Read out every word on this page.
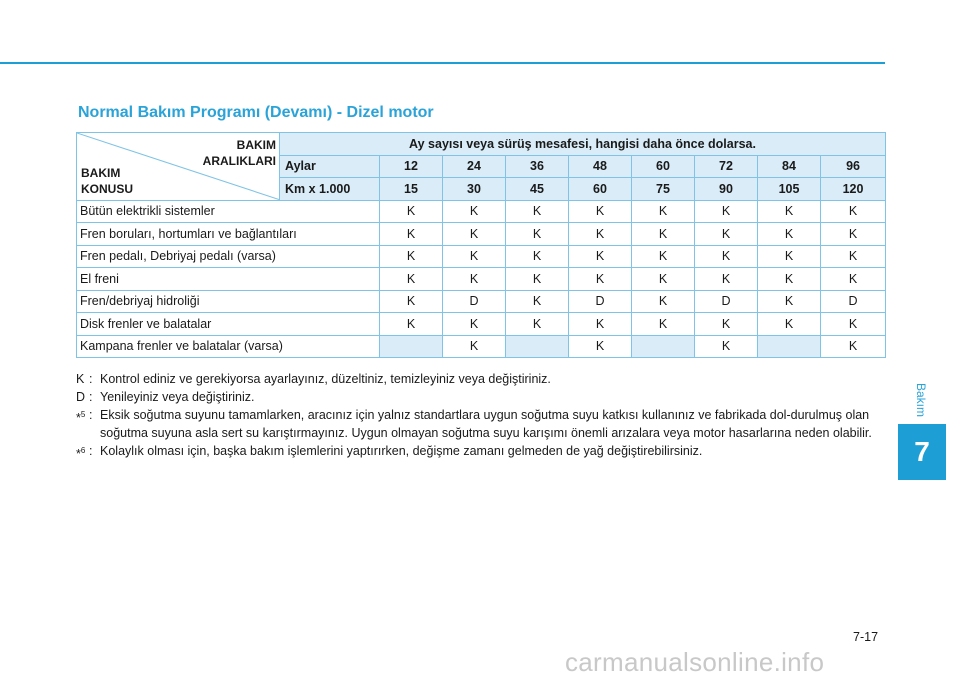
Normal Bakım Programı (Devamı) - Dizel motor
BAKIM
ARALIKLARI
BAKIM
KONUSU	Ay sayısı veya sürüş mesafesi, hangisi daha önce dolarsa.								
	Aylar	12	24	36	48	60	72	84	96
	Km x 1.000	15	30	45	60	75	90	105	120
Bütün elektrikli sistemler		K	K	K	K	K	K	K	K
Fren boruları, hortumları ve bağlantıları		K	K	K	K	K	K	K	K
Fren pedalı, Debriyaj pedalı (varsa)		K	K	K	K	K	K	K	K
El freni		K	K	K	K	K	K	K	K
Fren/debriyaj hidroliği		K	D	K	D	K	D	K	D
Disk frenler ve balatalar		K	K	K	K	K	K	K	K
Kampana frenler ve balatalar (varsa)			K		K		K		K
K : Kontrol ediniz ve gerekiyorsa ayarlayınız, düzeltiniz, temizleyiniz veya değiştiriniz.
D : Yenileyiniz veya değiştiriniz.
*$^5$ : Eksik soğutma suyunu tamamlarken, aracınız için yalnız standartlara uygun soğutma suyu katkısı kullanınız ve fabrikada dol-durulmuş olan soğutma suyuna asla sert su karıştırmayınız. Uygun olmayan soğutma suyu karışımı önemli arızalara veya motor hasarlarına neden olabilir.
*$^6$ : Kolaylık olması için, başka bakım işlemlerini yaptırırken, değişme zamanı gelmeden de yağ değiştirebilirsiniz.
Bakım
7
7-17
carmanualsonline.info
